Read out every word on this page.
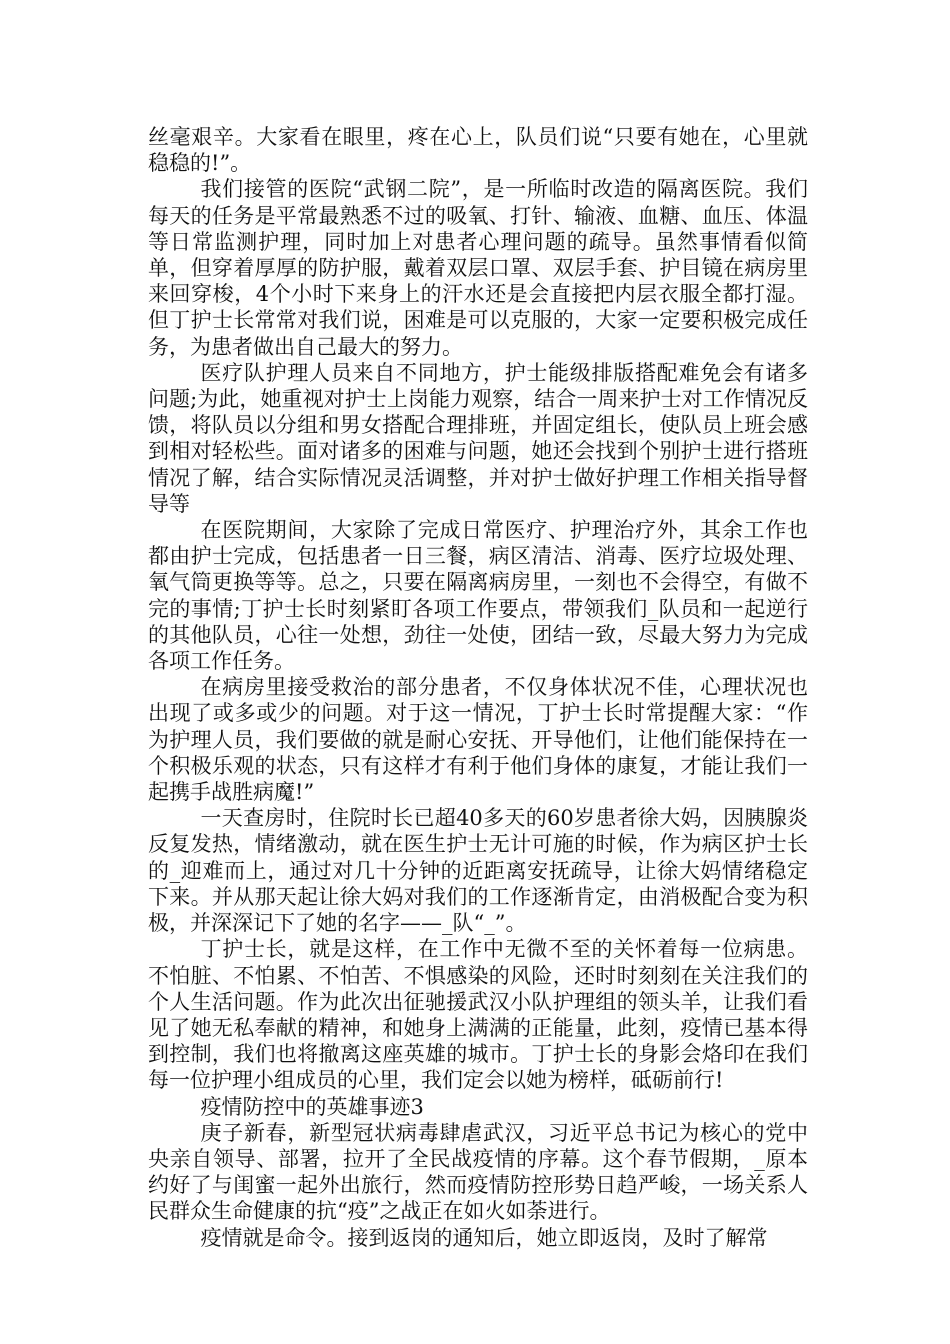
丝毫艰辛。大家看在眼里，疼在心上，队员们说“只要有她在，心里就稳稳的!”。

我们接管的医院“武钢二院”，是一所临时改造的隔离医院。我们每天的任务是平常最熟悉不过的吸氧、打针、输液、血糖、血压、体温等日常监测护理，同时加上对患者心理问题的疏导。虽然事情看似简单，但穿着厚厚的防护服，戴着双层口罩、双层手套、护目镜在病房里来回穿梭，4个小时下来身上的汗水还是会直接把内层衣服全都打湿。但丁护士长常常对我们说，困难是可以克服的，大家一定要积极完成任务，为患者做出自己最大的努力。

医疗队护理人员来自不同地方，护士能级排版搭配难免会有诸多问题;为此，她重视对护士上岗能力观察，结合一周来护士对工作情况反馈，将队员以分组和男女搭配合理排班，并固定组长，使队员上班会感到相对轻松些。面对诸多的困难与问题，她还会找到个别护士进行搭班情况了解，结合实际情况灵活调整，并对护士做好护理工作相关指导督导等

在医院期间，大家除了完成日常医疗、护理治疗外，其余工作也都由护士完成，包括患者一日三餐，病区清洁、消毒、医疗垃圾处理、氧气筒更换等等。总之，只要在隔离病房里，一刻也不会得空，有做不完的事情;丁护士长时刻紧盯各项工作要点，带领我们_队员和一起逆行的其他队员，心往一处想，劲往一处使，团结一致，尽最大努力为完成各项工作任务。

在病房里接受救治的部分患者，不仅身体状况不佳，心理状况也出现了或多或少的问题。对于这一情况，丁护士长时常提醒大家：“作为护理人员，我们要做的就是耐心安抚、开导他们，让他们能保持在一个积极乐观的状态，只有这样才有利于他们身体的康复，才能让我们一起携手战胜病魔!”

一天查房时，住院时长已超40多天的60岁患者徐大妈，因胰腺炎反复发热，情绪激动，就在医生护士无计可施的时候，作为病区护士长的_迎难而上，通过对几十分钟的近距离安抚疏导，让徐大妈情绪稳定下来。并从那天起让徐大妈对我们的工作逐渐肯定，由消极配合变为积极，并深深记下了她的名字——_队“_”。

丁护士长，就是这样，在工作中无微不至的关怀着每一位病患。不怕脏、不怕累、不怕苦、不惧感染的风险，还时时刻刻在关注我们的个人生活问题。作为此次出征驰援武汉小队护理组的领头羊，让我们看见了她无私奉献的精神，和她身上满满的正能量，此刻，疫情已基本得到控制，我们也将撤离这座英雄的城市。丁护士长的身影会烙印在我们每一位护理小组成员的心里，我们定会以她为榜样，砥砺前行!

疫情防控中的英雄事迹3

庚子新春，新型冠状病毒肆虐武汉，习近平总书记为核心的党中央亲自领导、部署，拉开了全民战疫情的序幕。这个春节假期，_原本约好了与闺蜜一起外出旅行，然而疫情防控形势日趋严峻，一场关系人民群众生命健康的抗“疫”之战正在如火如荼进行。

疫情就是命令。接到返岗的通知后，她立即返岗，及时了解常
